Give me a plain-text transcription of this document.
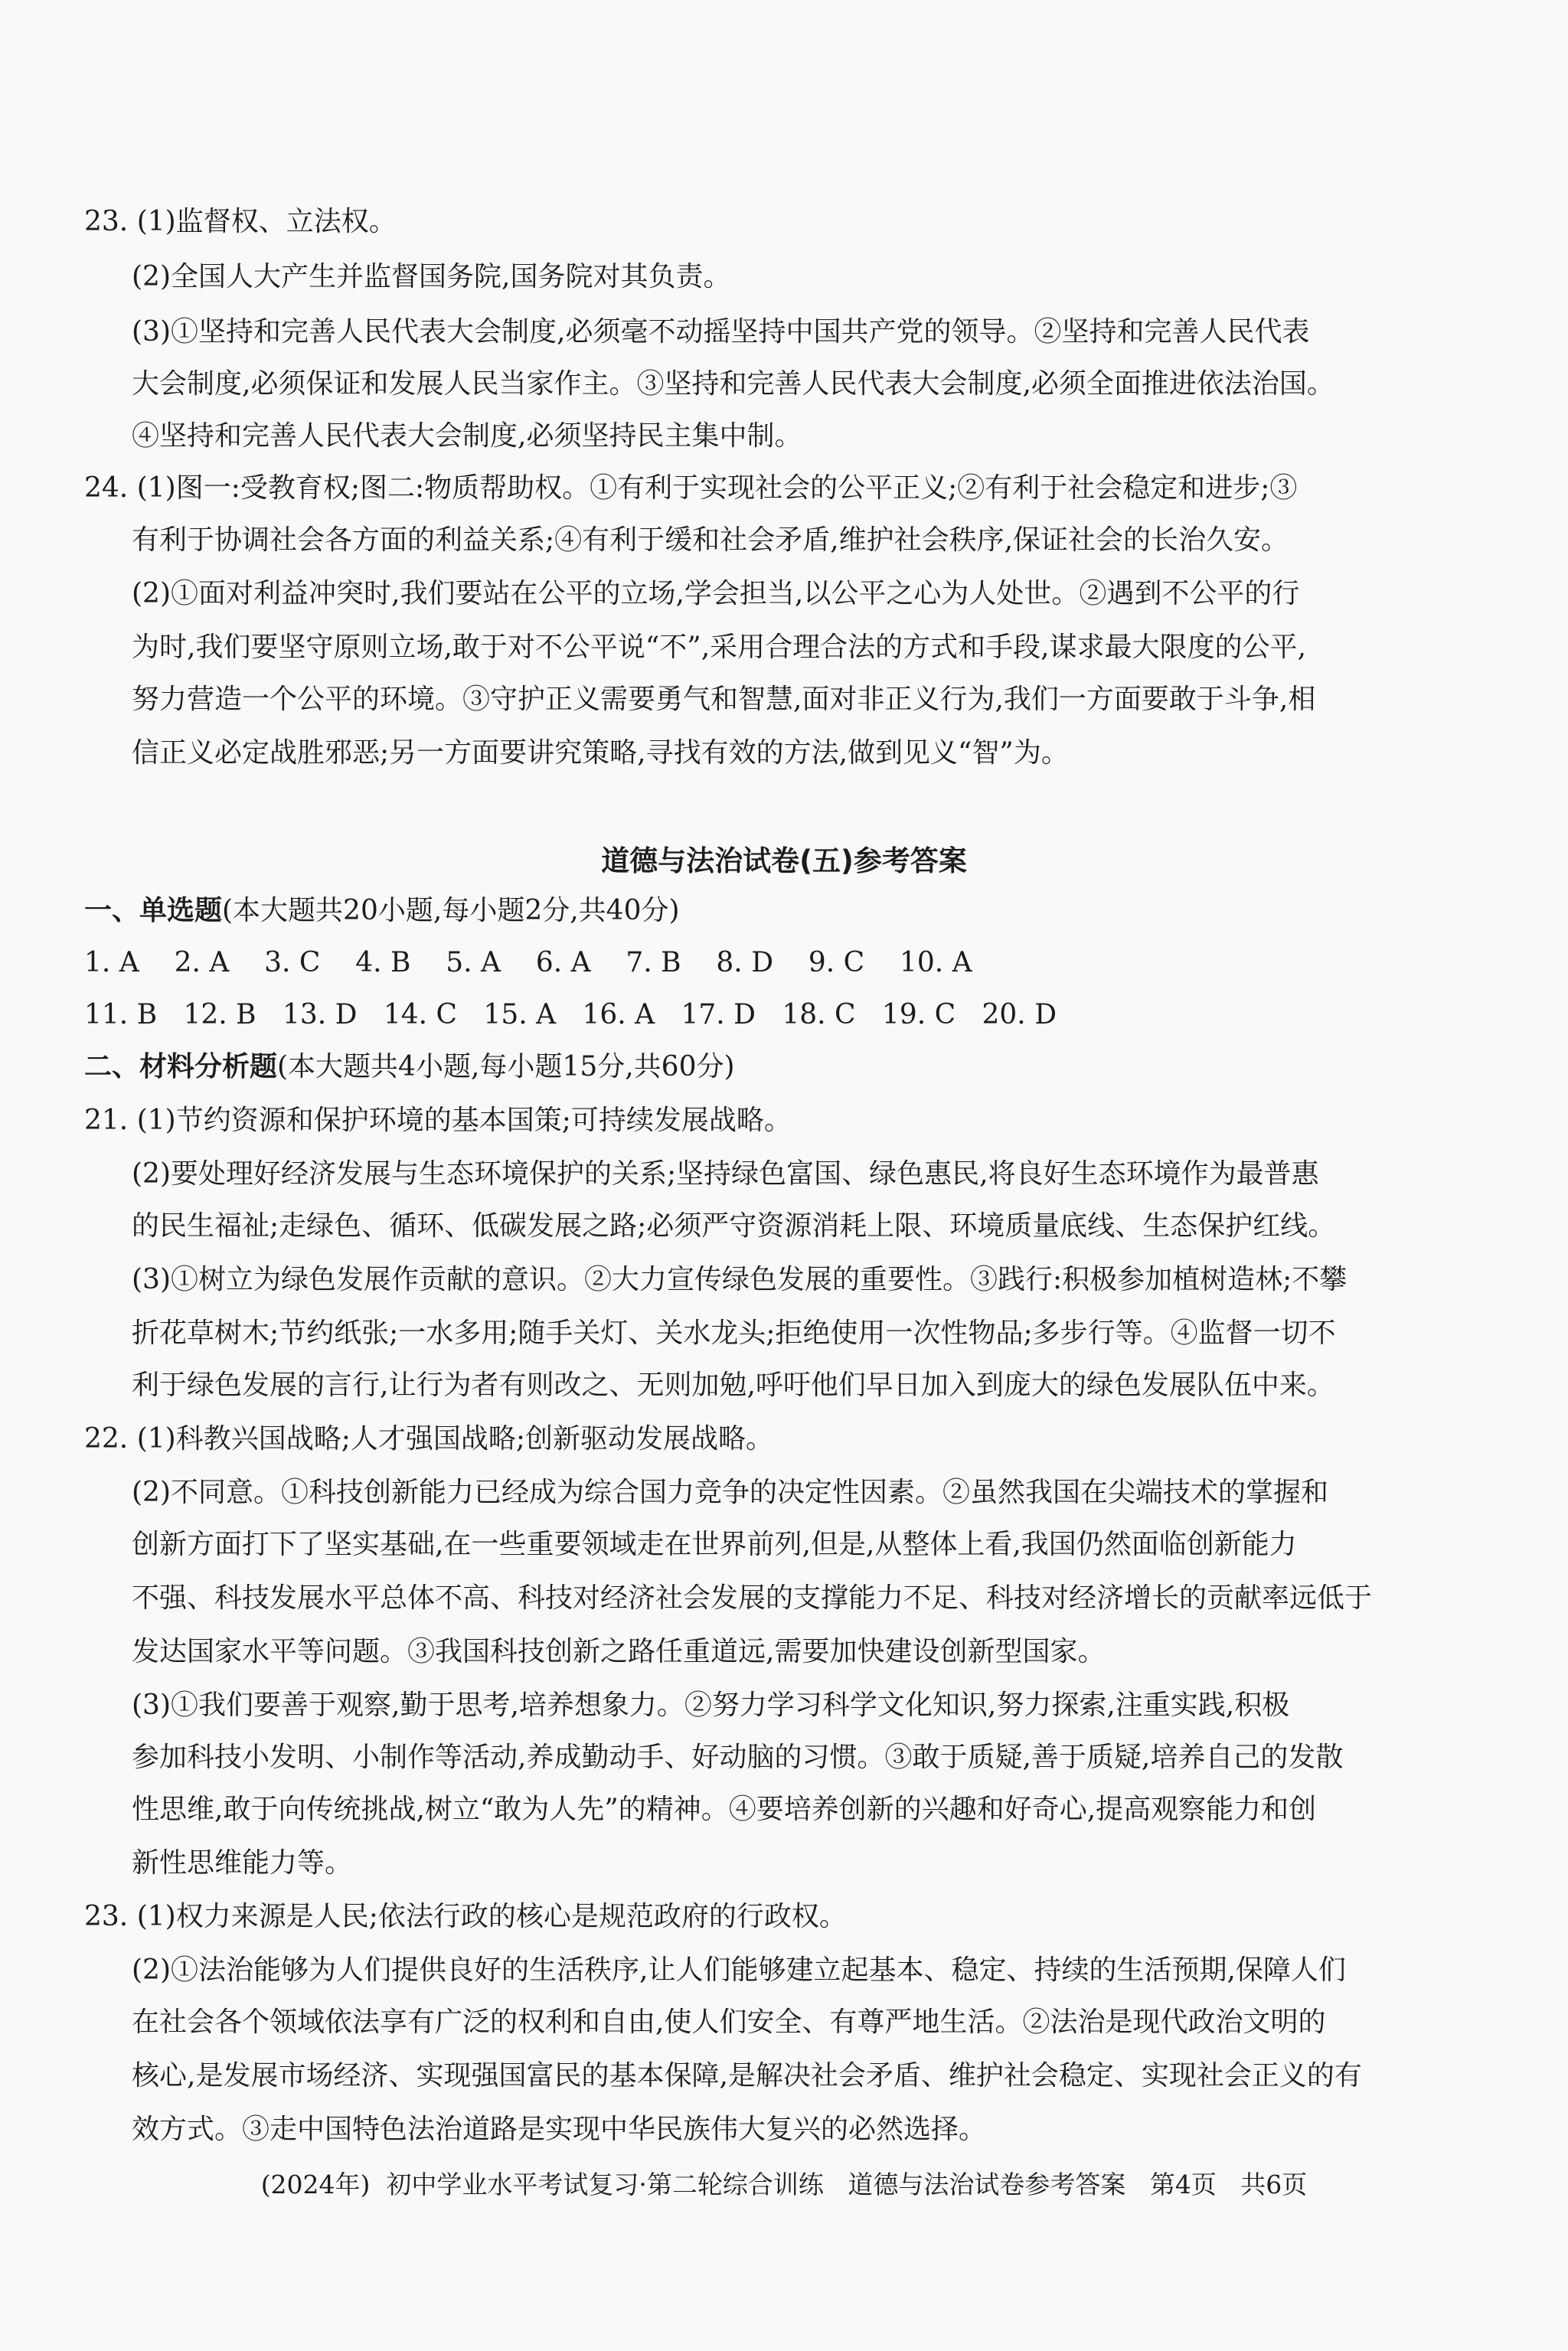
23. (1)监督权、立法权。
(2)全国人大产生并监督国务院,国务院对其负责。
(3)①坚持和完善人民代表大会制度,必须毫不动摇坚持中国共产党的领导。②坚持和完善人民代表
大会制度,必须保证和发展人民当家作主。③坚持和完善人民代表大会制度,必须全面推进依法治国。
④坚持和完善人民代表大会制度,必须坚持民主集中制。
24. (1)图一:受教育权;图二:物质帮助权。①有利于实现社会的公平正义;②有利于社会稳定和进步;③
有利于协调社会各方面的利益关系;④有利于缓和社会矛盾,维护社会秩序,保证社会的长治久安。
(2)①面对利益冲突时,我们要站在公平的立场,学会担当,以公平之心为人处世。②遇到不公平的行
为时,我们要坚守原则立场,敢于对不公平说“不”,采用合理合法的方式和手段,谋求最大限度的公平,
努力营造一个公平的环境。③守护正义需要勇气和智慧,面对非正义行为,我们一方面要敢于斗争,相
信正义必定战胜邪恶;另一方面要讲究策略,寻找有效的方法,做到见义“智”为。
道德与法治试卷(五)参考答案
一、单选题(本大题共20小题,每小题2分,共40分)
1. A    2. A    3. C    4. B    5. A    6. A    7. B    8. D    9. C    10. A
11. B   12. B   13. D   14. C   15. A   16. A   17. D   18. C   19. C   20. D
二、材料分析题(本大题共4小题,每小题15分,共60分)
21. (1)节约资源和保护环境的基本国策;可持续发展战略。
(2)要处理好经济发展与生态环境保护的关系;坚持绿色富国、绿色惠民,将良好生态环境作为最普惠
的民生福祉;走绿色、循环、低碳发展之路;必须严守资源消耗上限、环境质量底线、生态保护红线。
(3)①树立为绿色发展作贡献的意识。②大力宣传绿色发展的重要性。③践行:积极参加植树造林;不攀
折花草树木;节约纸张;一水多用;随手关灯、关水龙头;拒绝使用一次性物品;多步行等。④监督一切不
利于绿色发展的言行,让行为者有则改之、无则加勉,呼吁他们早日加入到庞大的绿色发展队伍中来。
22. (1)科教兴国战略;人才强国战略;创新驱动发展战略。
(2)不同意。①科技创新能力已经成为综合国力竞争的决定性因素。②虽然我国在尖端技术的掌握和
创新方面打下了坚实基础,在一些重要领域走在世界前列,但是,从整体上看,我国仍然面临创新能力
不强、科技发展水平总体不高、科技对经济社会发展的支撑能力不足、科技对经济增长的贡献率远低于
发达国家水平等问题。③我国科技创新之路任重道远,需要加快建设创新型国家。
(3)①我们要善于观察,勤于思考,培养想象力。②努力学习科学文化知识,努力探索,注重实践,积极
参加科技小发明、小制作等活动,养成勤动手、好动脑的习惯。③敢于质疑,善于质疑,培养自己的发散
性思维,敢于向传统挑战,树立“敢为人先”的精神。④要培养创新的兴趣和好奇心,提高观察能力和创
新性思维能力等。
23. (1)权力来源是人民;依法行政的核心是规范政府的行政权。
(2)①法治能够为人们提供良好的生活秩序,让人们能够建立起基本、稳定、持续的生活预期,保障人们
在社会各个领域依法享有广泛的权利和自由,使人们安全、有尊严地生活。②法治是现代政治文明的
核心,是发展市场经济、实现强国富民的基本保障,是解决社会矛盾、维护社会稳定、实现社会正义的有
效方式。③走中国特色法治道路是实现中华民族伟大复兴的必然选择。
(2024年)  初中学业水平考试复习·第二轮综合训练   道德与法治试卷参考答案   第4页   共6页
